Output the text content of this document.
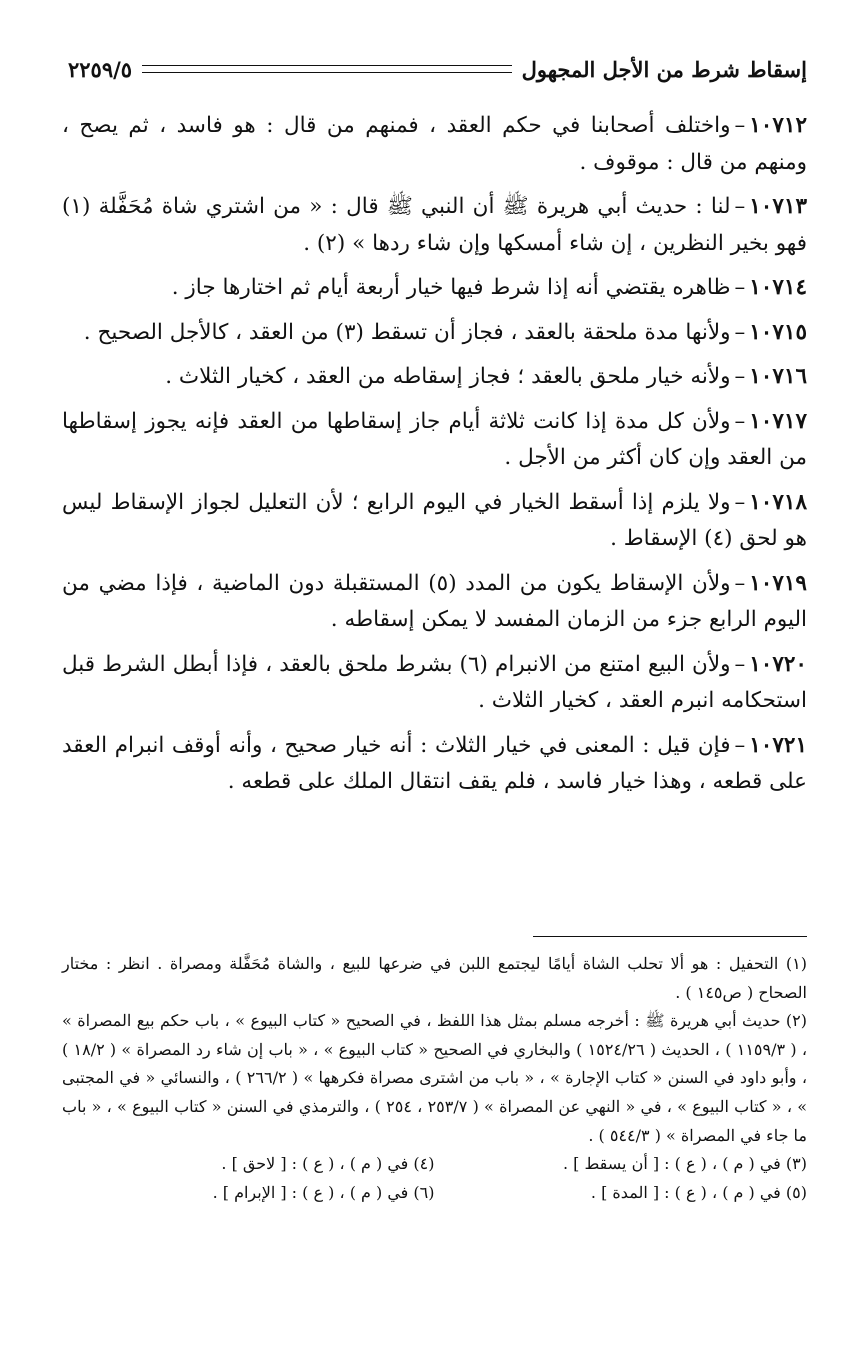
إسقاط شرط من الأجل المجهول
٢٢٥٩/٥

١٠٧١٢–واختلف أصحابنا في حكم العقد ، فمنهم من قال : هو فاسد ، ثم يصح ، ومنهم من قال : موقوف .

١٠٧١٣–لنا : حديث أبي هريرة ﷺ أن النبي ﷺ قال : « من اشتري شاة مُحَفَّلة (١) فهو بخير النظرين ، إن شاء أمسكها وإن شاء ردها » (٢) .

١٠٧١٤–ظاهره يقتضي أنه إذا شرط فيها خيار أربعة أيام ثم اختارها جاز .

١٠٧١٥–ولأنها مدة ملحقة بالعقد ، فجاز أن تسقط (٣) من العقد ، كالأجل الصحيح .

١٠٧١٦–ولأنه خيار ملحق بالعقد ؛ فجاز إسقاطه من العقد ، كخيار الثلاث .

١٠٧١٧–ولأن كل مدة إذا كانت ثلاثة أيام جاز إسقاطها من العقد فإنه يجوز إسقاطها من العقد وإن كان أكثر من الأجل .

١٠٧١٨–ولا يلزم إذا أسقط الخيار في اليوم الرابع ؛ لأن التعليل لجواز الإسقاط ليس هو لحق (٤) الإسقاط .

١٠٧١٩–ولأن الإسقاط يكون من المدد (٥) المستقبلة دون الماضية ، فإذا مضي من اليوم الرابع جزء من الزمان المفسد لا يمكن إسقاطه .

١٠٧٢٠–ولأن البيع امتنع من الانبرام (٦) بشرط ملحق بالعقد ، فإذا أبطل الشرط قبل استحكامه انبرم العقد ، كخيار الثلاث .

١٠٧٢١–فإن قيل : المعنى في خيار الثلاث : أنه خيار صحيح ، وأنه أوقف انبرام العقد على قطعه ، وهذا خيار فاسد ، فلم يقف انتقال الملك على قطعه .

(١) التحفيل : هو ألا تحلب الشاة أيامًا ليجتمع اللبن في ضرعها للبيع ، والشاة مُحَفَّلة ومصراة . انظر : مختار الصحاح ( ص١٤٥ ) .

(٢) حديث أبي هريرة ﷺ : أخرجه مسلم بمثل هذا اللفظ ، في الصحيح « كتاب البيوع » ، باب حكم بيع المصراة » ، ( ١١٥٩/٣ ) ، الحديث ( ١٥٢٤/٢٦ ) والبخاري في الصحيح « كتاب البيوع » ، « باب إن شاء رد المصراة » ( ١٨/٢ ) ، وأبو داود في السنن « كتاب الإجارة » ، « باب من اشترى مصراة فكرهها » ( ٢٦٦/٢ ) ، والنسائي « في المجتبى » ، « كتاب البيوع » ، في « النهي عن المصراة » ( ٢٥٣/٧ ، ٢٥٤ ) ، والترمذي في السنن « كتاب البيوع » ، « باب ما جاء في المصراة » ( ٥٤٤/٣ ) .

(٣) في ( م ) ، ( ع ) : [ أن يسقط ] .
(٤) في ( م ) ، ( ع ) : [ لاحق ] .
(٥) في ( م ) ، ( ع ) : [ المدة ] .
(٦) في ( م ) ، ( ع ) : [ الإبرام ] .
